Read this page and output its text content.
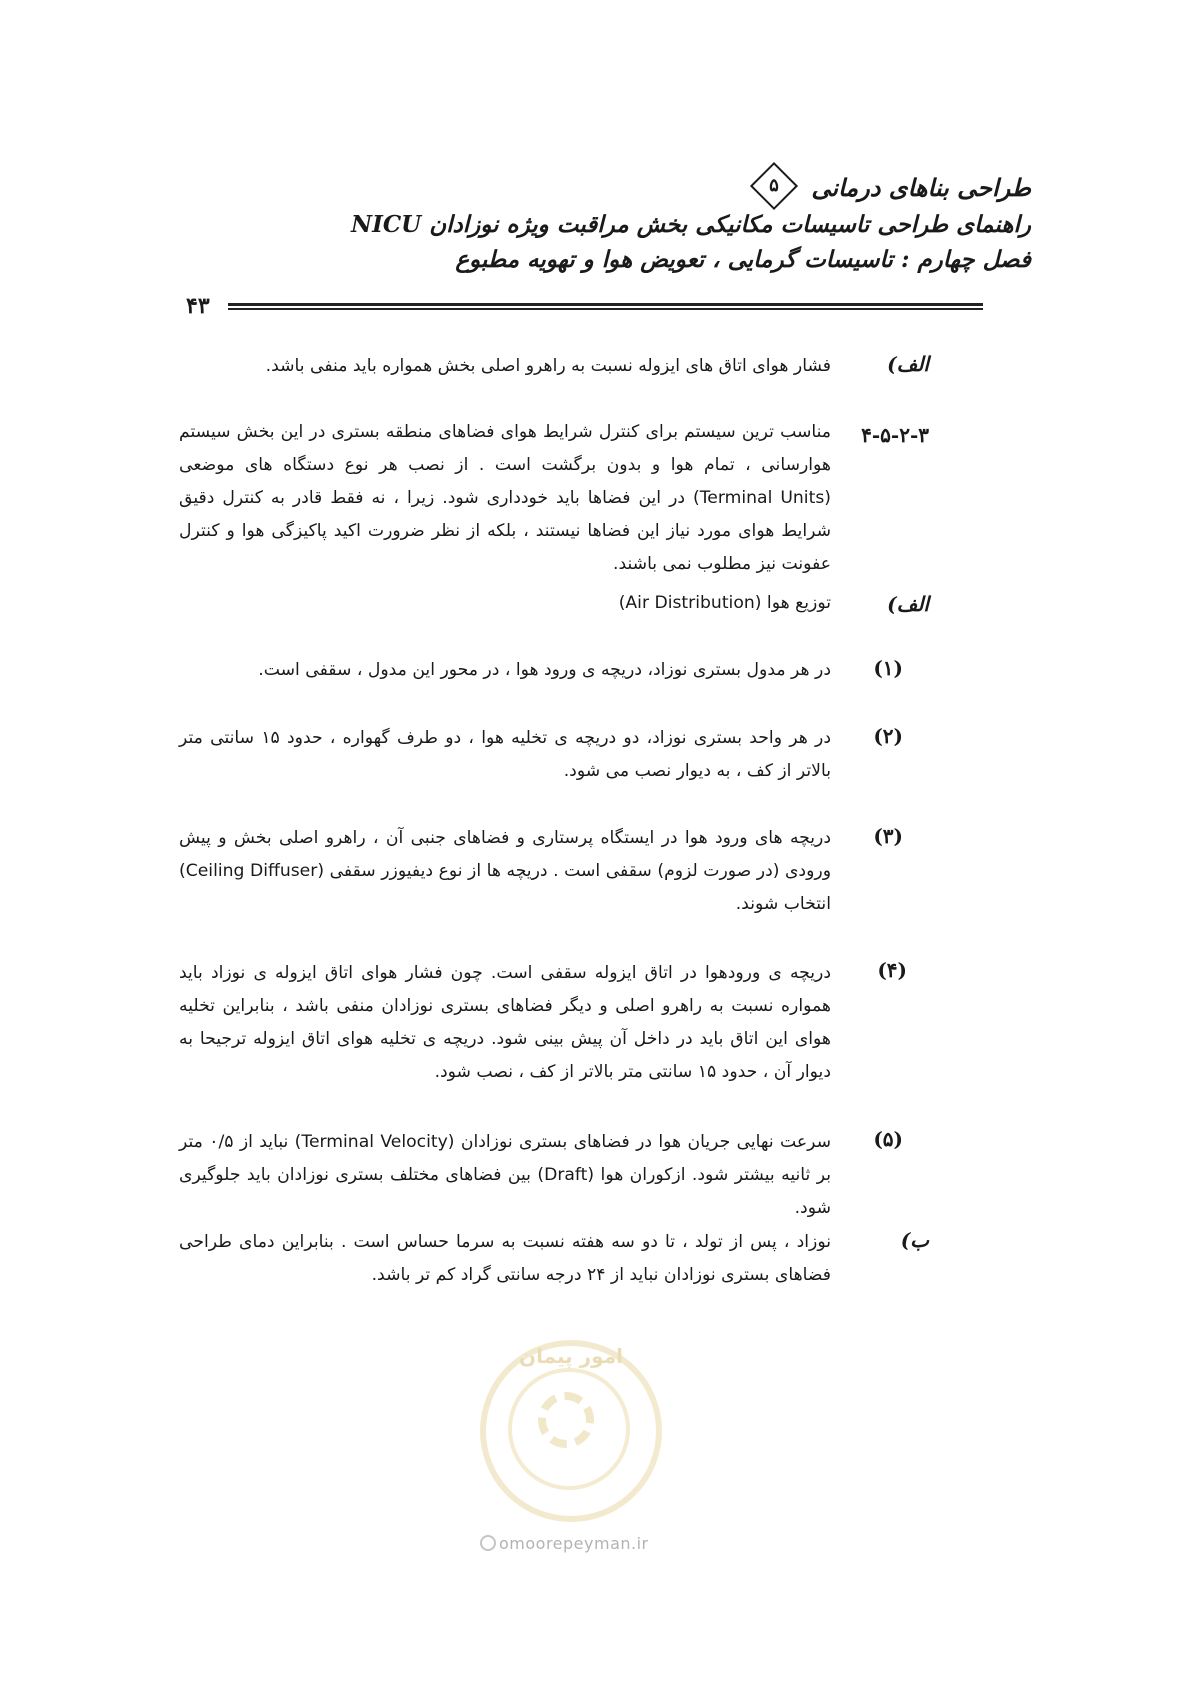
طراحی بناهای درمانی
۵
راهنمای طراحی تاسیسات مکانیکی بخش مراقبت ویژه نوزادان NICU
فصل چهارم : تاسیسات گرمایی ، تعویض هوا و تهویه مطبوع
۴۳
الف)
فشار هوای اتاق های ایزوله نسبت به راهرو اصلی بخش همواره باید منفی باشد.
۴-۵-۲-۳
مناسب ترین سیستم برای کنترل شرایط هوای فضاهای منطقه بستری در این بخش سیستم هوارسانی ، تمام هوا و بدون برگشت است . از نصب هر نوع دستگاه های موضعی (Terminal Units) در این فضاها باید خودداری شود. زیرا ، نه فقط قادر به کنترل دقیق شرایط هوای مورد نیاز این فضاها نیستند ، بلکه از نظر ضرورت اکید پاکیزگی هوا و کنترل عفونت نیز مطلوب نمی باشند.
الف)
توزیع هوا (Air Distribution)
(۱)
در هر مدول بستری نوزاد، دریچه ی ورود هوا ، در محور این مدول ، سقفی است.
(۲)
در هر واحد بستری نوزاد، دو دریچه ی تخلیه هوا ، دو طرف گهواره ، حدود ۱۵ سانتی متر بالاتر از کف ، به دیوار نصب می شود.
(۳)
دریچه های ورود هوا در ایستگاه پرستاری و فضاهای جنبی آن ، راهرو اصلی بخش و پیش ورودی (در صورت لزوم) سقفی است . دریچه ها از نوع دیفیوزر سقفی (Ceiling Diffuser) انتخاب شوند.
(۴)
دریچه ی ورودهوا در اتاق ایزوله سقفی است. چون فشار هوای اتاق ایزوله ی نوزاد باید همواره نسبت به راهرو اصلی و دیگر فضاهای بستری نوزادان منفی باشد ، بنابراین تخلیه هوای این اتاق باید در داخل آن پیش بینی شود. دریچه ی تخلیه هوای اتاق ایزوله ترجیحا به دیوار آن ، حدود ۱۵ سانتی متر بالاتر از کف ، نصب شود.
(۵)
سرعت نهایی جریان هوا در فضاهای بستری نوزادان (Terminal Velocity) نباید از ۰/۵ متر بر ثانیه بیشتر شود. ازکوران هوا (Draft) بین فضاهای مختلف بستری نوزادان باید جلوگیری شود.
ب)
نوزاد ، پس از تولد ، تا دو سه هفته نسبت به سرما حساس است . بنابراین دمای طراحی فضاهای بستری نوزادان نباید از ۲۴ درجه سانتی گراد کم تر باشد.
امور پیمان
omoorepeyman.ir
